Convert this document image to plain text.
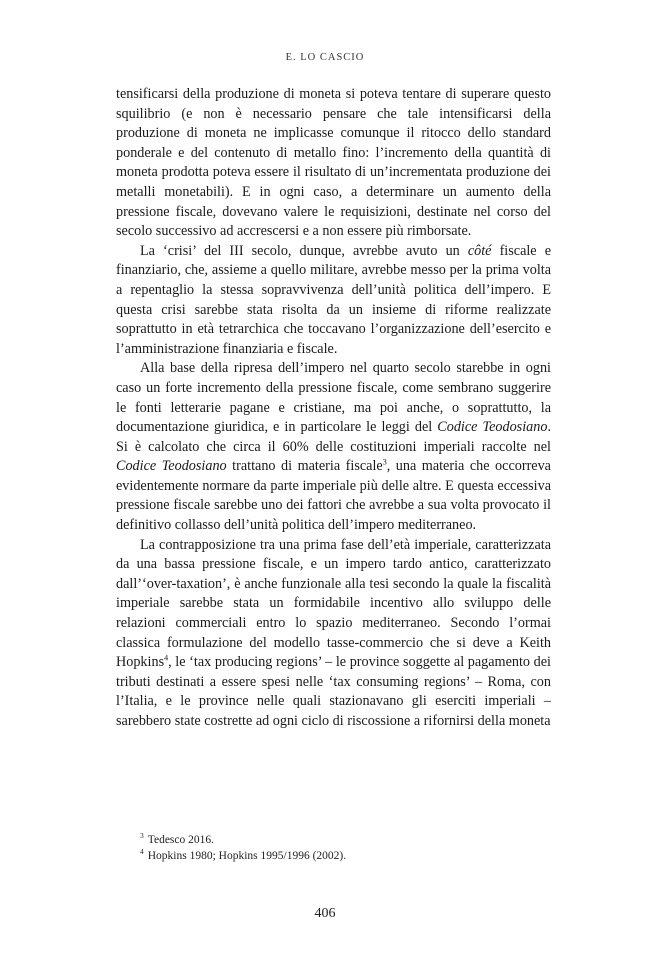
E. LO CASCIO

tensificarsi della produzione di moneta si poteva tentare di superare questo squilibrio (e non è necessario pensare che tale intensificarsi della produzione di moneta ne implicasse comunque il ritocco dello standard ponderale e del contenuto di metallo fino: l’incremento della quantità di moneta prodotta poteva essere il risultato di un’incrementata produzione dei metalli monetabili). E in ogni caso, a determinare un aumento della pressione fiscale, dovevano valere le requisizioni, destinate nel corso del secolo successivo ad accrescersi e a non essere più rimborsate.

La ‘crisi’ del III secolo, dunque, avrebbe avuto un côté fiscale e finanziario, che, assieme a quello militare, avrebbe messo per la prima volta a repentaglio la stessa sopravvivenza dell’unità politica dell’impero. E questa crisi sarebbe stata risolta da un insieme di riforme realizzate soprattutto in età tetrarchica che toccavano l’organizzazione dell’esercito e l’amministrazione finanziaria e fiscale.

Alla base della ripresa dell’impero nel quarto secolo starebbe in ogni caso un forte incremento della pressione fiscale, come sembrano suggerire le fonti letterarie pagane e cristiane, ma poi anche, o soprattutto, la documentazione giuridica, e in particolare le leggi del Codice Teodosiano. Si è calcolato che circa il 60% delle costituzioni imperiali raccolte nel Codice Teodosiano trattano di materia fiscale$^3$, una materia che occorreva evidentemente normare da parte imperiale più delle altre. E questa eccessiva pressione fiscale sarebbe uno dei fattori che avrebbe a sua volta provocato il definitivo collasso dell’unità politica dell’impero mediterraneo.

La contrapposizione tra una prima fase dell’età imperiale, caratterizzata da una bassa pressione fiscale, e un impero tardo antico, caratterizzato dall’‘over-taxation’, è anche funzionale alla tesi secondo la quale la fiscalità imperiale sarebbe stata un formidabile incentivo allo sviluppo delle relazioni commerciali entro lo spazio mediterraneo. Secondo l’ormai classica formulazione del modello tasse-commercio che si deve a Keith Hopkins$^4$, le ‘tax producing regions’ – le province soggette al pagamento dei tributi destinati a essere spesi nelle ‘tax consuming regions’ – Roma, con l’Italia, e le province nelle quali stazionavano gli eserciti imperiali – sarebbero state costrette ad ogni ciclo di riscossione a rifornirsi della moneta

$^3$ Tedesco 2016.
$^4$ Hopkins 1980; Hopkins 1995/1996 (2002).
406
